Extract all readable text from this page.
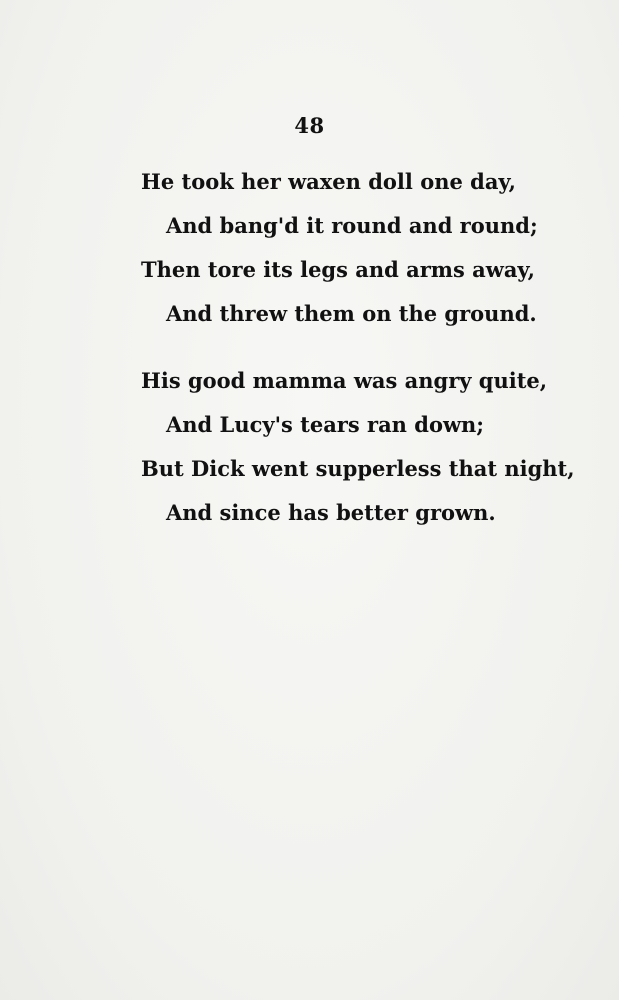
48
He took her waxen doll one day,
And bang'd it round and round;
Then tore its legs and arms away,
And threw them on the ground.
His good mamma was angry quite,
And Lucy's tears ran down;
But Dick went supperless that night,
And since has better grown.
